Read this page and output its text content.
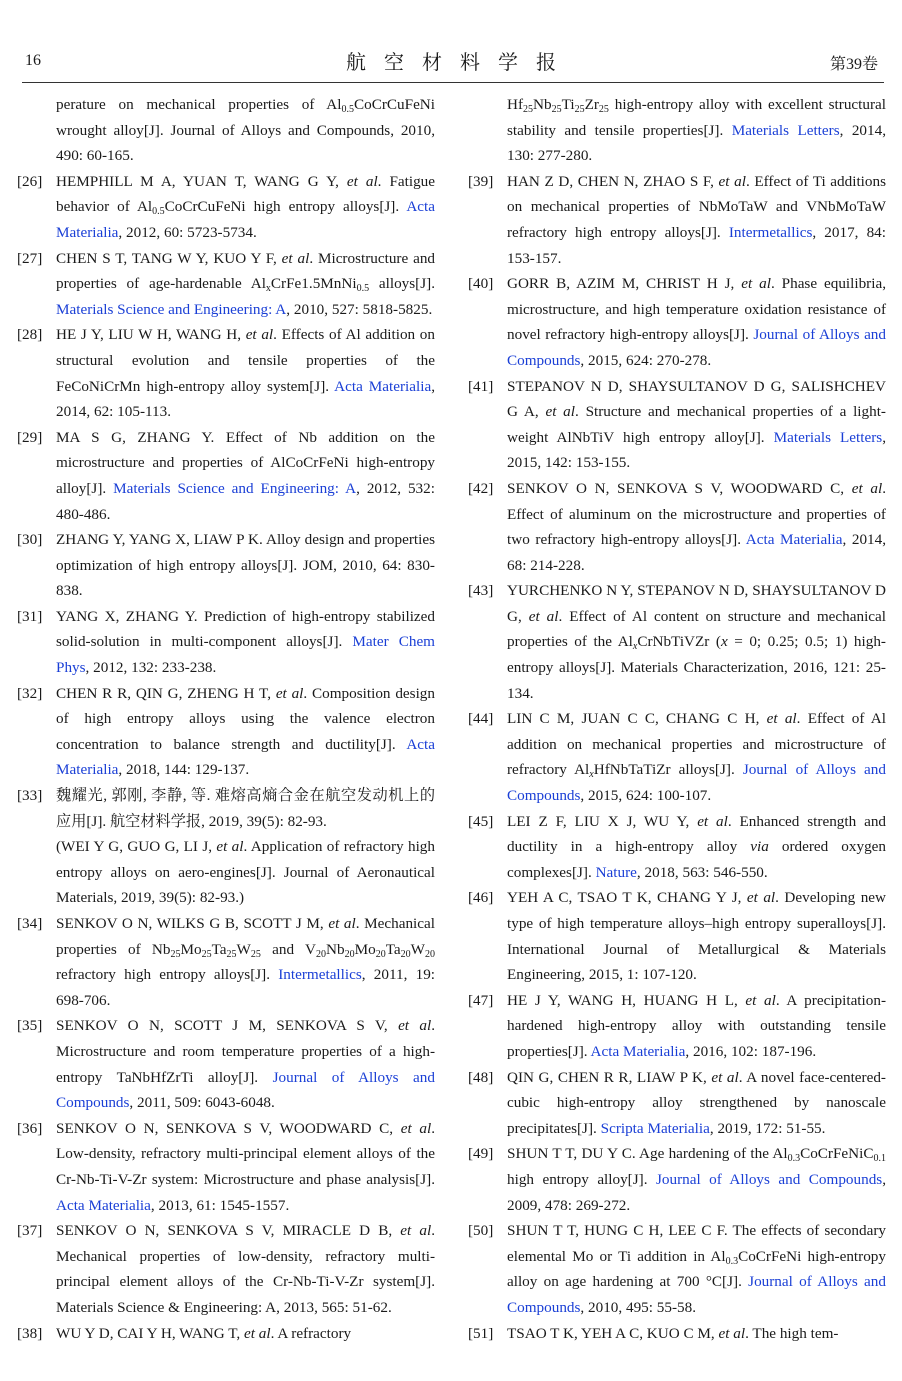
16	航空材料学报	第39卷
perature on mechanical properties of $Al_{0.5}CoCrCuFeNi$ wrought alloy[J]. Journal of Alloys and Compounds, 2010, 490: 60-165.
[26] HEMPHILL M A, YUAN T, WANG G Y, et al. Fatigue behavior of $Al_{0.5}CoCrCuFeNi$ high entropy alloys[J]. Acta Materialia, 2012, 60: 5723-5734.
[27] CHEN S T, TANG W Y, KUO Y F, et al. Microstructure and properties of age-hardenable $Al_xCrFe1.5MnNi_{0.5}$ alloys[J]. Materials Science and Engineering: A, 2010, 527: 5818-5825.
[28] HE J Y, LIU W H, WANG H, et al. Effects of Al addition on structural evolution and tensile properties of the FeCoNiCrMn high-entropy alloy system[J]. Acta Materialia, 2014, 62: 105-113.
[29] MA S G, ZHANG Y. Effect of Nb addition on the microstructure and properties of AlCoCrFeNi high-entropy alloy[J]. Materials Science and Engineering: A, 2012, 532: 480-486.
[30] ZHANG Y, YANG X, LIAW P K. Alloy design and properties optimization of high entropy alloys[J]. JOM, 2010, 64: 830-838.
[31] YANG X, ZHANG Y. Prediction of high-entropy stabilized solid-solution in multi-component alloys[J]. Mater Chem Phys, 2012, 132: 233-238.
[32] CHEN R R, QIN G, ZHENG H T, et al. Composition design of high entropy alloys using the valence electron concentration to balance strength and ductility[J]. Acta Materialia, 2018, 144: 129-137.
[33] 魏耀光, 郭刚, 李静, 等. 难熔高熵合金在航空发动机上的应用[J]. 航空材料学报, 2019, 39(5): 82-93.
(WEI Y G, GUO G, LI J, et al. Application of refractory high entropy alloys on aero-engines[J]. Journal of Aeronautical Materials, 2019, 39(5): 82-93.)
[34] SENKOV O N, WILKS G B, SCOTT J M, et al. Mechanical properties of $Nb_{25}Mo_{25}Ta_{25}W_{25}$ and $V_{20}Nb_{20}Mo_{20}Ta_{20}W_{20}$ refractory high entropy alloys[J]. Intermetallics, 2011, 19: 698-706.
[35] SENKOV O N, SCOTT J M, SENKOVA S V, et al. Microstructure and room temperature properties of a high-entropy TaNbHfZrTi alloy[J]. Journal of Alloys and Compounds, 2011, 509: 6043-6048.
[36] SENKOV O N, SENKOVA S V, WOODWARD C, et al. Low-density, refractory multi-principal element alloys of the Cr-Nb-Ti-V-Zr system: Microstructure and phase analysis[J]. Acta Materialia, 2013, 61: 1545-1557.
[37] SENKOV O N, SENKOVA S V, MIRACLE D B, et al. Mechanical properties of low-density, refractory multi-principal element alloys of the Cr-Nb-Ti-V-Zr system[J]. Materials Science & Engineering: A, 2013, 565: 51-62.
[38] WU Y D, CAI Y H, WANG T, et al. A refractory
$Hf_{25}Nb_{25}Ti_{25}Zr_{25}$ high-entropy alloy with excellent structural stability and tensile properties[J]. Materials Letters, 2014, 130: 277-280.
[39] HAN Z D, CHEN N, ZHAO S F, et al. Effect of Ti additions on mechanical properties of NbMoTaW and VNbMoTaW refractory high entropy alloys[J]. Intermetallics, 2017, 84: 153-157.
[40] GORR B, AZIM M, CHRIST H J, et al. Phase equilibria, microstructure, and high temperature oxidation resistance of novel refractory high-entropy alloys[J]. Journal of Alloys and Compounds, 2015, 624: 270-278.
[41] STEPANOV N D, SHAYSULTANOV D G, SALISHCHEV G A, et al. Structure and mechanical properties of a light-weight AlNbTiV high entropy alloy[J]. Materials Letters, 2015, 142: 153-155.
[42] SENKOV O N, SENKOVA S V, WOODWARD C, et al. Effect of aluminum on the microstructure and properties of two refractory high-entropy alloys[J]. Acta Materialia, 2014, 68: 214-228.
[43] YURCHENKO N Y, STEPANOV N D, SHAYSULTANOV D G, et al. Effect of Al content on structure and mechanical properties of the $Al_xCrNbTiVZr$ (x = 0; 0.25; 0.5; 1) high-entropy alloys[J]. Materials Characterization, 2016, 121: 25-134.
[44] LIN C M, JUAN C C, CHANG C H, et al. Effect of Al addition on mechanical properties and microstructure of refractory $Al_xHfNbTaTiZr$ alloys[J]. Journal of Alloys and Compounds, 2015, 624: 100-107.
[45] LEI Z F, LIU X J, WU Y, et al. Enhanced strength and ductility in a high-entropy alloy via ordered oxygen complexes[J]. Nature, 2018, 563: 546-550.
[46] YEH A C, TSAO T K, CHANG Y J, et al. Developing new type of high temperature alloys–high entropy superalloys[J]. International Journal of Metallurgical & Materials Engineering, 2015, 1: 107-120.
[47] HE J Y, WANG H, HUANG H L, et al. A precipitation-hardened high-entropy alloy with outstanding tensile properties[J]. Acta Materialia, 2016, 102: 187-196.
[48] QIN G, CHEN R R, LIAW P K, et al. A novel face-centered-cubic high-entropy alloy strengthened by nanoscale precipitates[J]. Scripta Materialia, 2019, 172: 51-55.
[49] SHUN T T, DU Y C. Age hardening of the $Al_{0.3}CoCrFeNiC_{0.1}$ high entropy alloy[J]. Journal of Alloys and Compounds, 2009, 478: 269-272.
[50] SHUN T T, HUNG C H, LEE C F. The effects of secondary elemental Mo or Ti addition in $Al_{0.3}CoCrFeNi$ high-entropy alloy on age hardening at 700 °C[J]. Journal of Alloys and Compounds, 2010, 495: 55-58.
[51] TSAO T K, YEH A C, KUO C M, et al. The high tem-
